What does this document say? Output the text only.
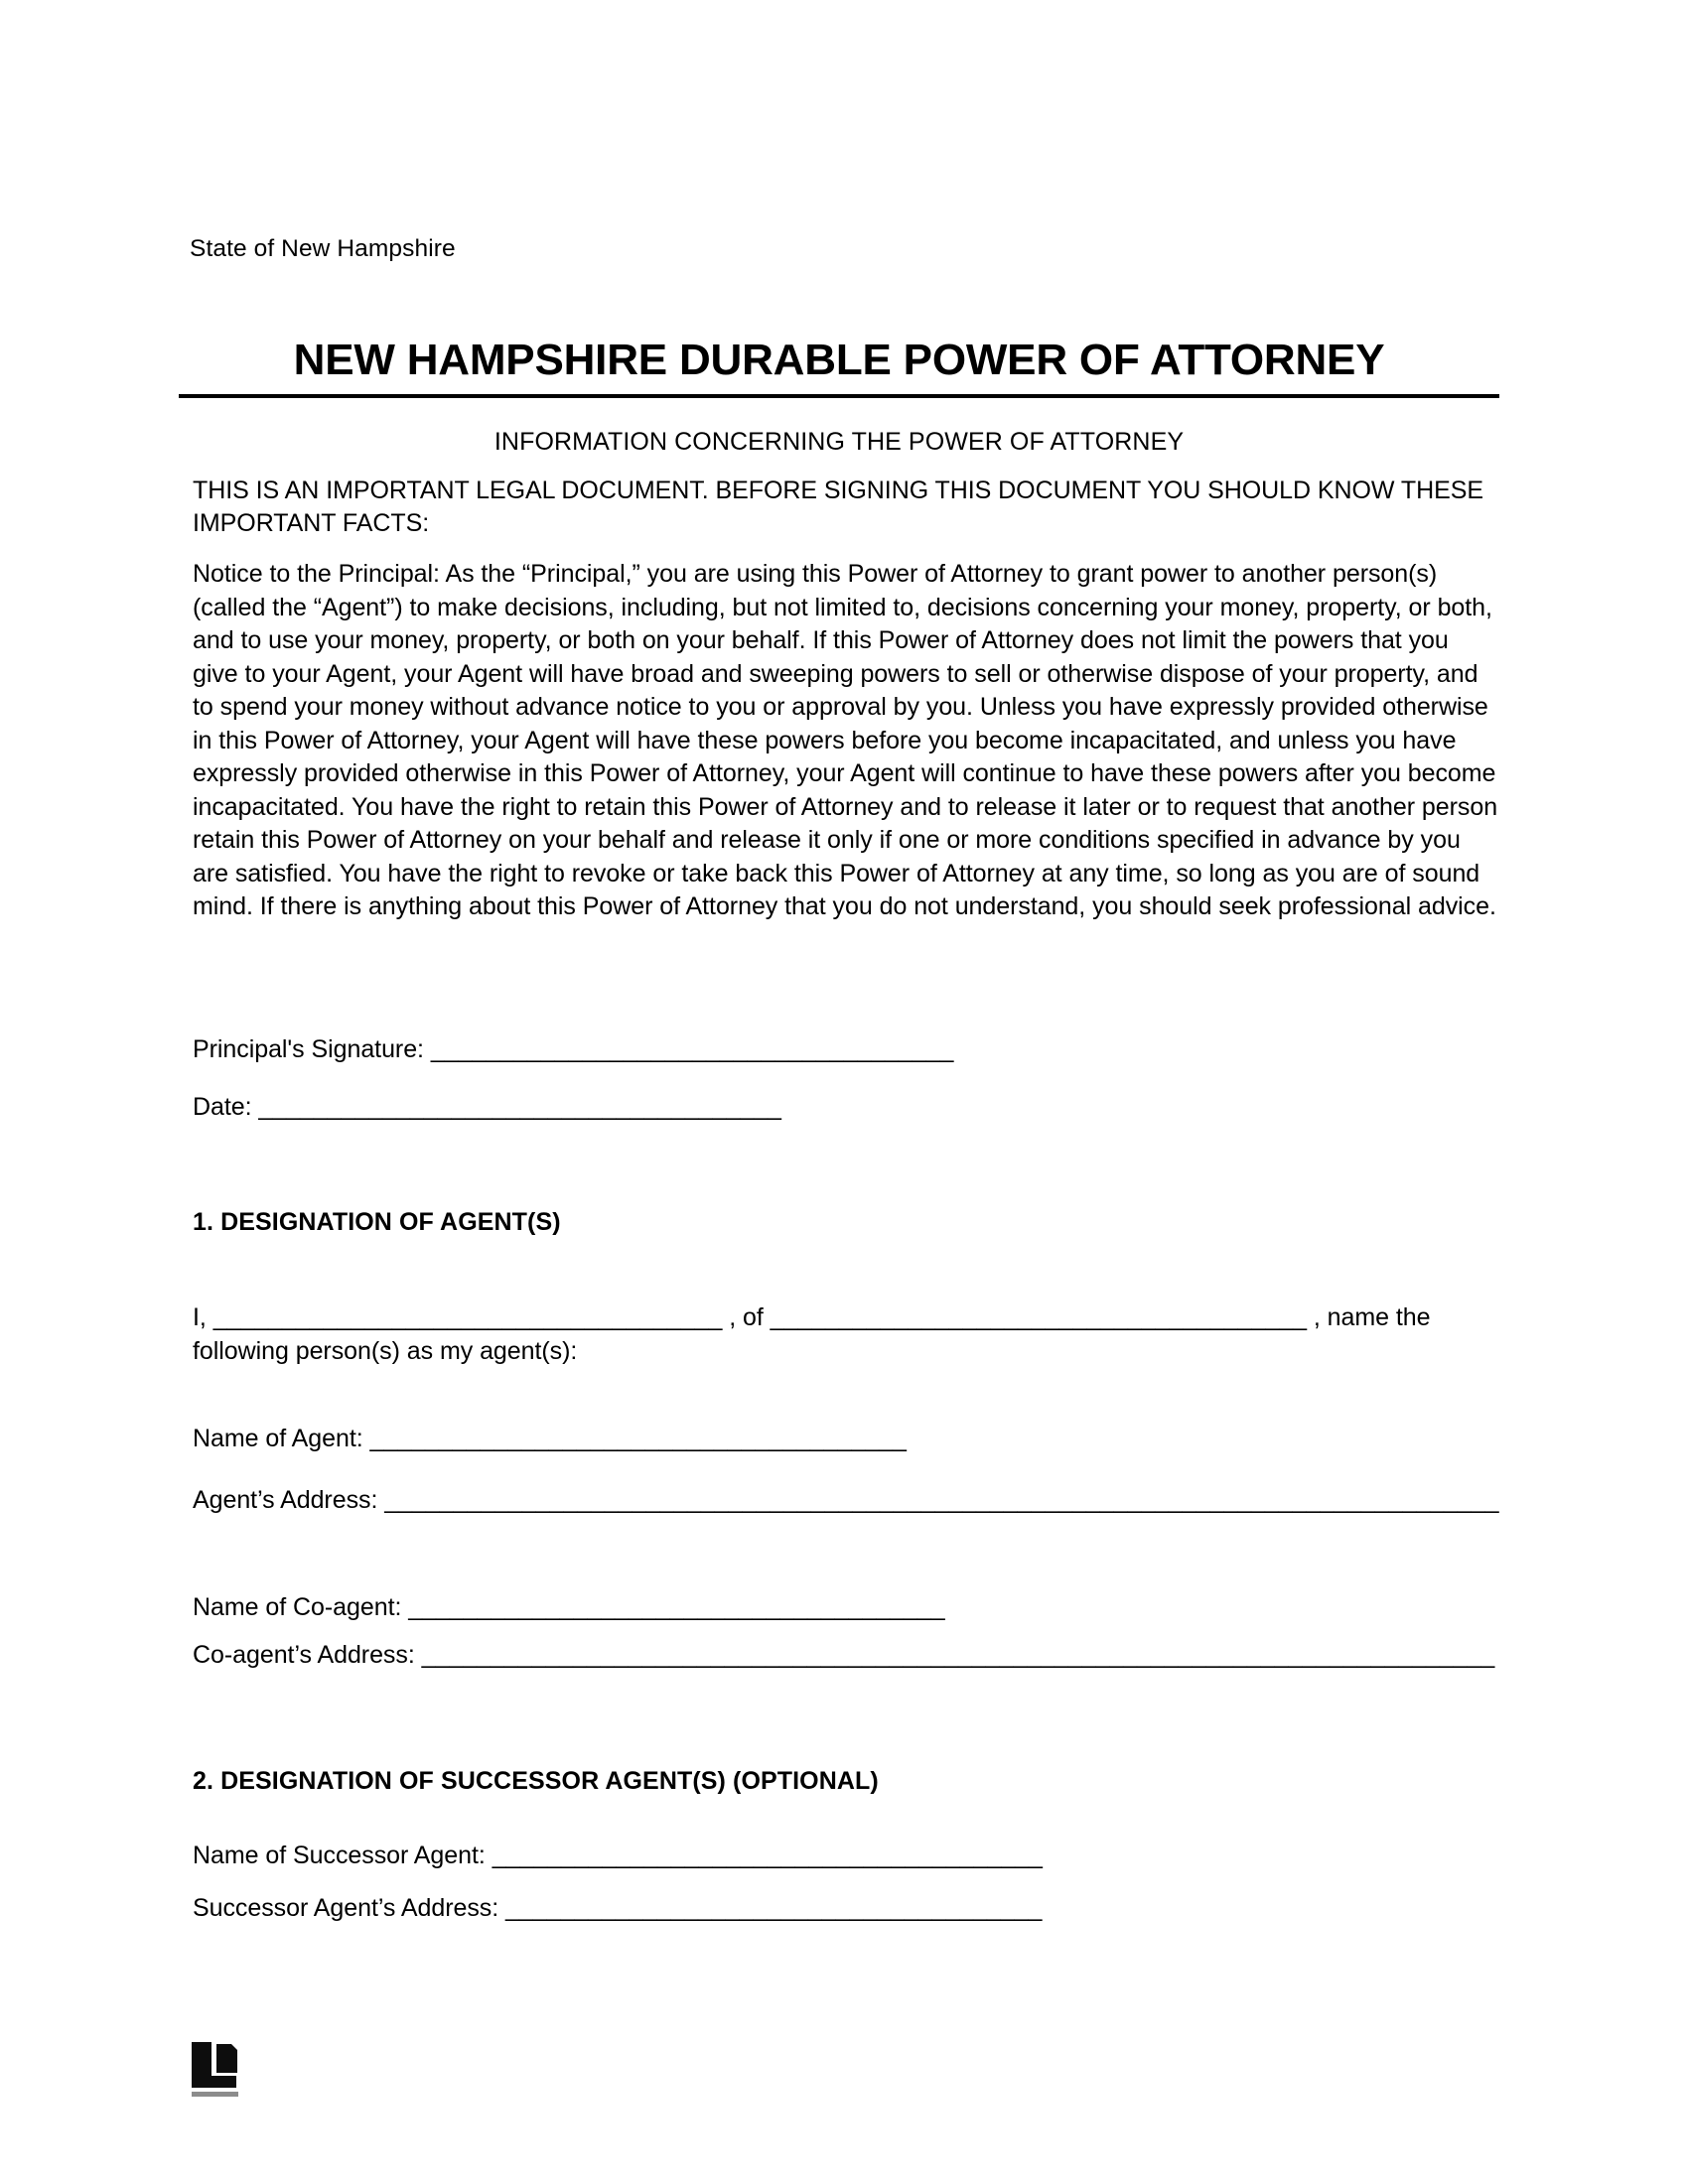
State of New Hampshire
NEW HAMPSHIRE DURABLE POWER OF ATTORNEY
INFORMATION CONCERNING THE POWER OF ATTORNEY
THIS IS AN IMPORTANT LEGAL DOCUMENT. BEFORE SIGNING THIS DOCUMENT YOU SHOULD KNOW THESE IMPORTANT FACTS:
Notice to the Principal: As the “Principal,” you are using this Power of Attorney to grant power to another person(s) (called the “Agent”) to make decisions, including, but not limited to, decisions concerning your money, property, or both, and to use your money, property, or both on your behalf. If this Power of Attorney does not limit the powers that you give to your Agent, your Agent will have broad and sweeping powers to sell or otherwise dispose of your property, and to spend your money without advance notice to you or approval by you. Unless you have expressly provided otherwise in this Power of Attorney, your Agent will have these powers before you become incapacitated, and unless you have expressly provided otherwise in this Power of Attorney, your Agent will continue to have these powers after you become incapacitated. You have the right to retain this Power of Attorney and to release it later or to request that another person retain this Power of Attorney on your behalf and release it only if one or more conditions specified in advance by you are satisfied. You have the right to revoke or take back this Power of Attorney at any time, so long as you are of sound mind. If there is anything about this Power of Attorney that you do not understand, you should seek professional advice.
Principal's Signature: ______________________________________
Date: ______________________________________
1. DESIGNATION OF AGENT(S)
I, _____________________________________ , of _______________________________________ , name the following person(s) as my agent(s):
Name of Agent: _______________________________________
Agent’s Address: _________________________________________________________________________________
Name of Co-agent: _______________________________________
Co-agent’s Address: ______________________________________________________________________________
2. DESIGNATION OF SUCCESSOR AGENT(S) (OPTIONAL)
Name of Successor Agent: ________________________________________
Successor Agent’s Address: _______________________________________
